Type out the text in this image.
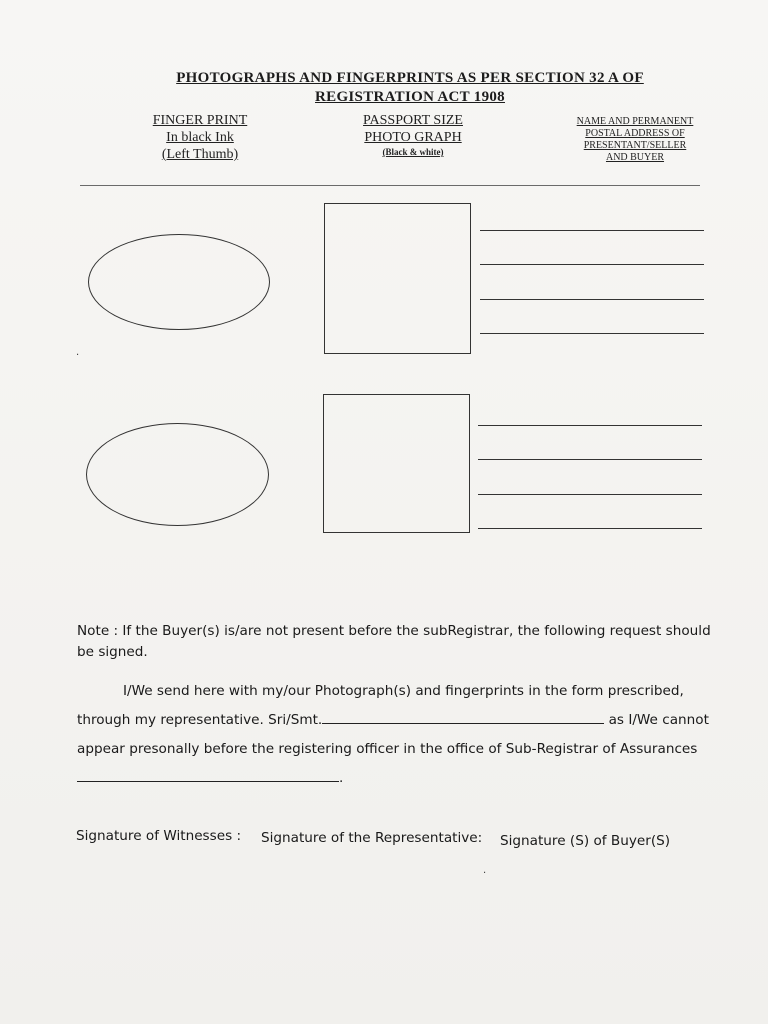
PHOTOGRAPHS AND FINGERPRINTS AS PER SECTION 32 A OF
REGISTRATION ACT 1908
FINGER PRINT
In black Ink
(Left Thumb)
PASSPORT SIZE
PHOTO GRAPH
(Black & white)
NAME AND PERMANENT
POSTAL ADDRESS OF
PRESENTANT/SELLER
AND BUYER
‧
Note : If the Buyer(s) is/are not present before the subRegistrar, the following request should
be signed.
I/We send here with my/our Photograph(s) and fingerprints in the form prescribed,
through my representative. Sri/Smt.	as I/We cannot
appear presonally before the registering officer in the office of Sub-Registrar of Assurances
.
Signature of Witnesses : Signature of the Representative: Signature (S) of Buyer(S)
‧
